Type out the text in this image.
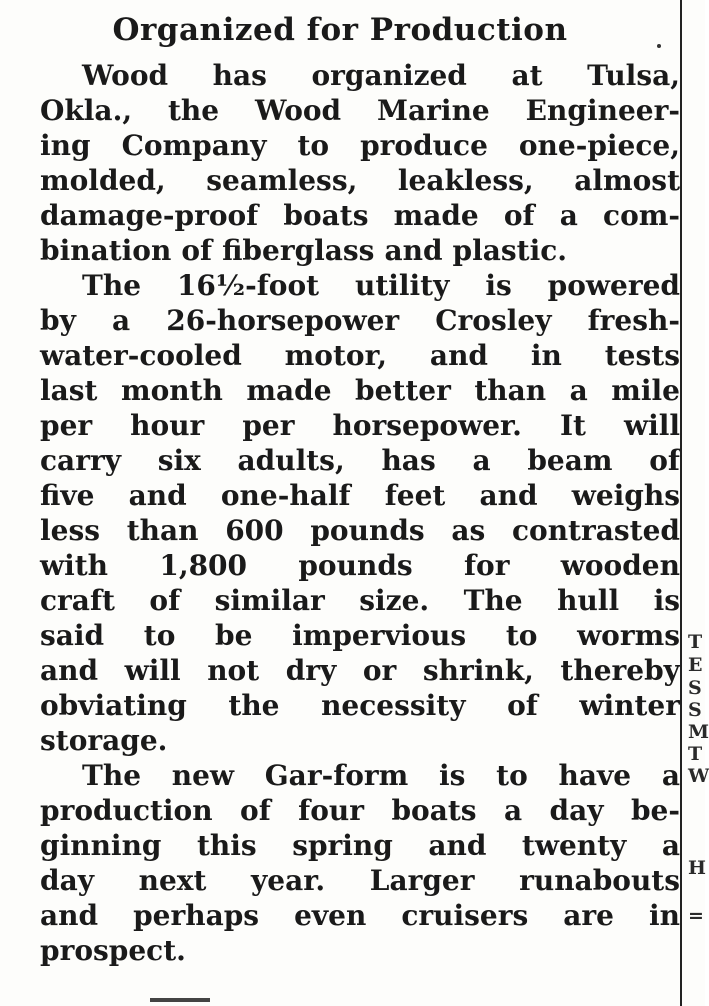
Organized for Production
Wood has organized at Tulsa,
Okla., the Wood Marine Engineer-
ing Company to produce one-piece,
molded, seamless, leakless, almost
damage-proof boats made of a com-
bination of fiberglass and plastic.
The 16½-foot utility is powered
by a 26-horsepower Crosley fresh-
water-cooled motor, and in tests
last month made better than a mile
per hour per horsepower. It will
carry six adults, has a beam of
five and one-half feet and weighs
less than 600 pounds as contrasted
with 1,800 pounds for wooden
craft of similar size. The hull is
said to be impervious to worms
and will not dry or shrink, thereby
obviating the necessity of winter
storage.
The new Gar-form is to have a
production of four boats a day be-
ginning this spring and twenty a
day next year. Larger runabouts
and perhaps even cruisers are in
prospect.
T
E
S
S
M
T
W
H
=
